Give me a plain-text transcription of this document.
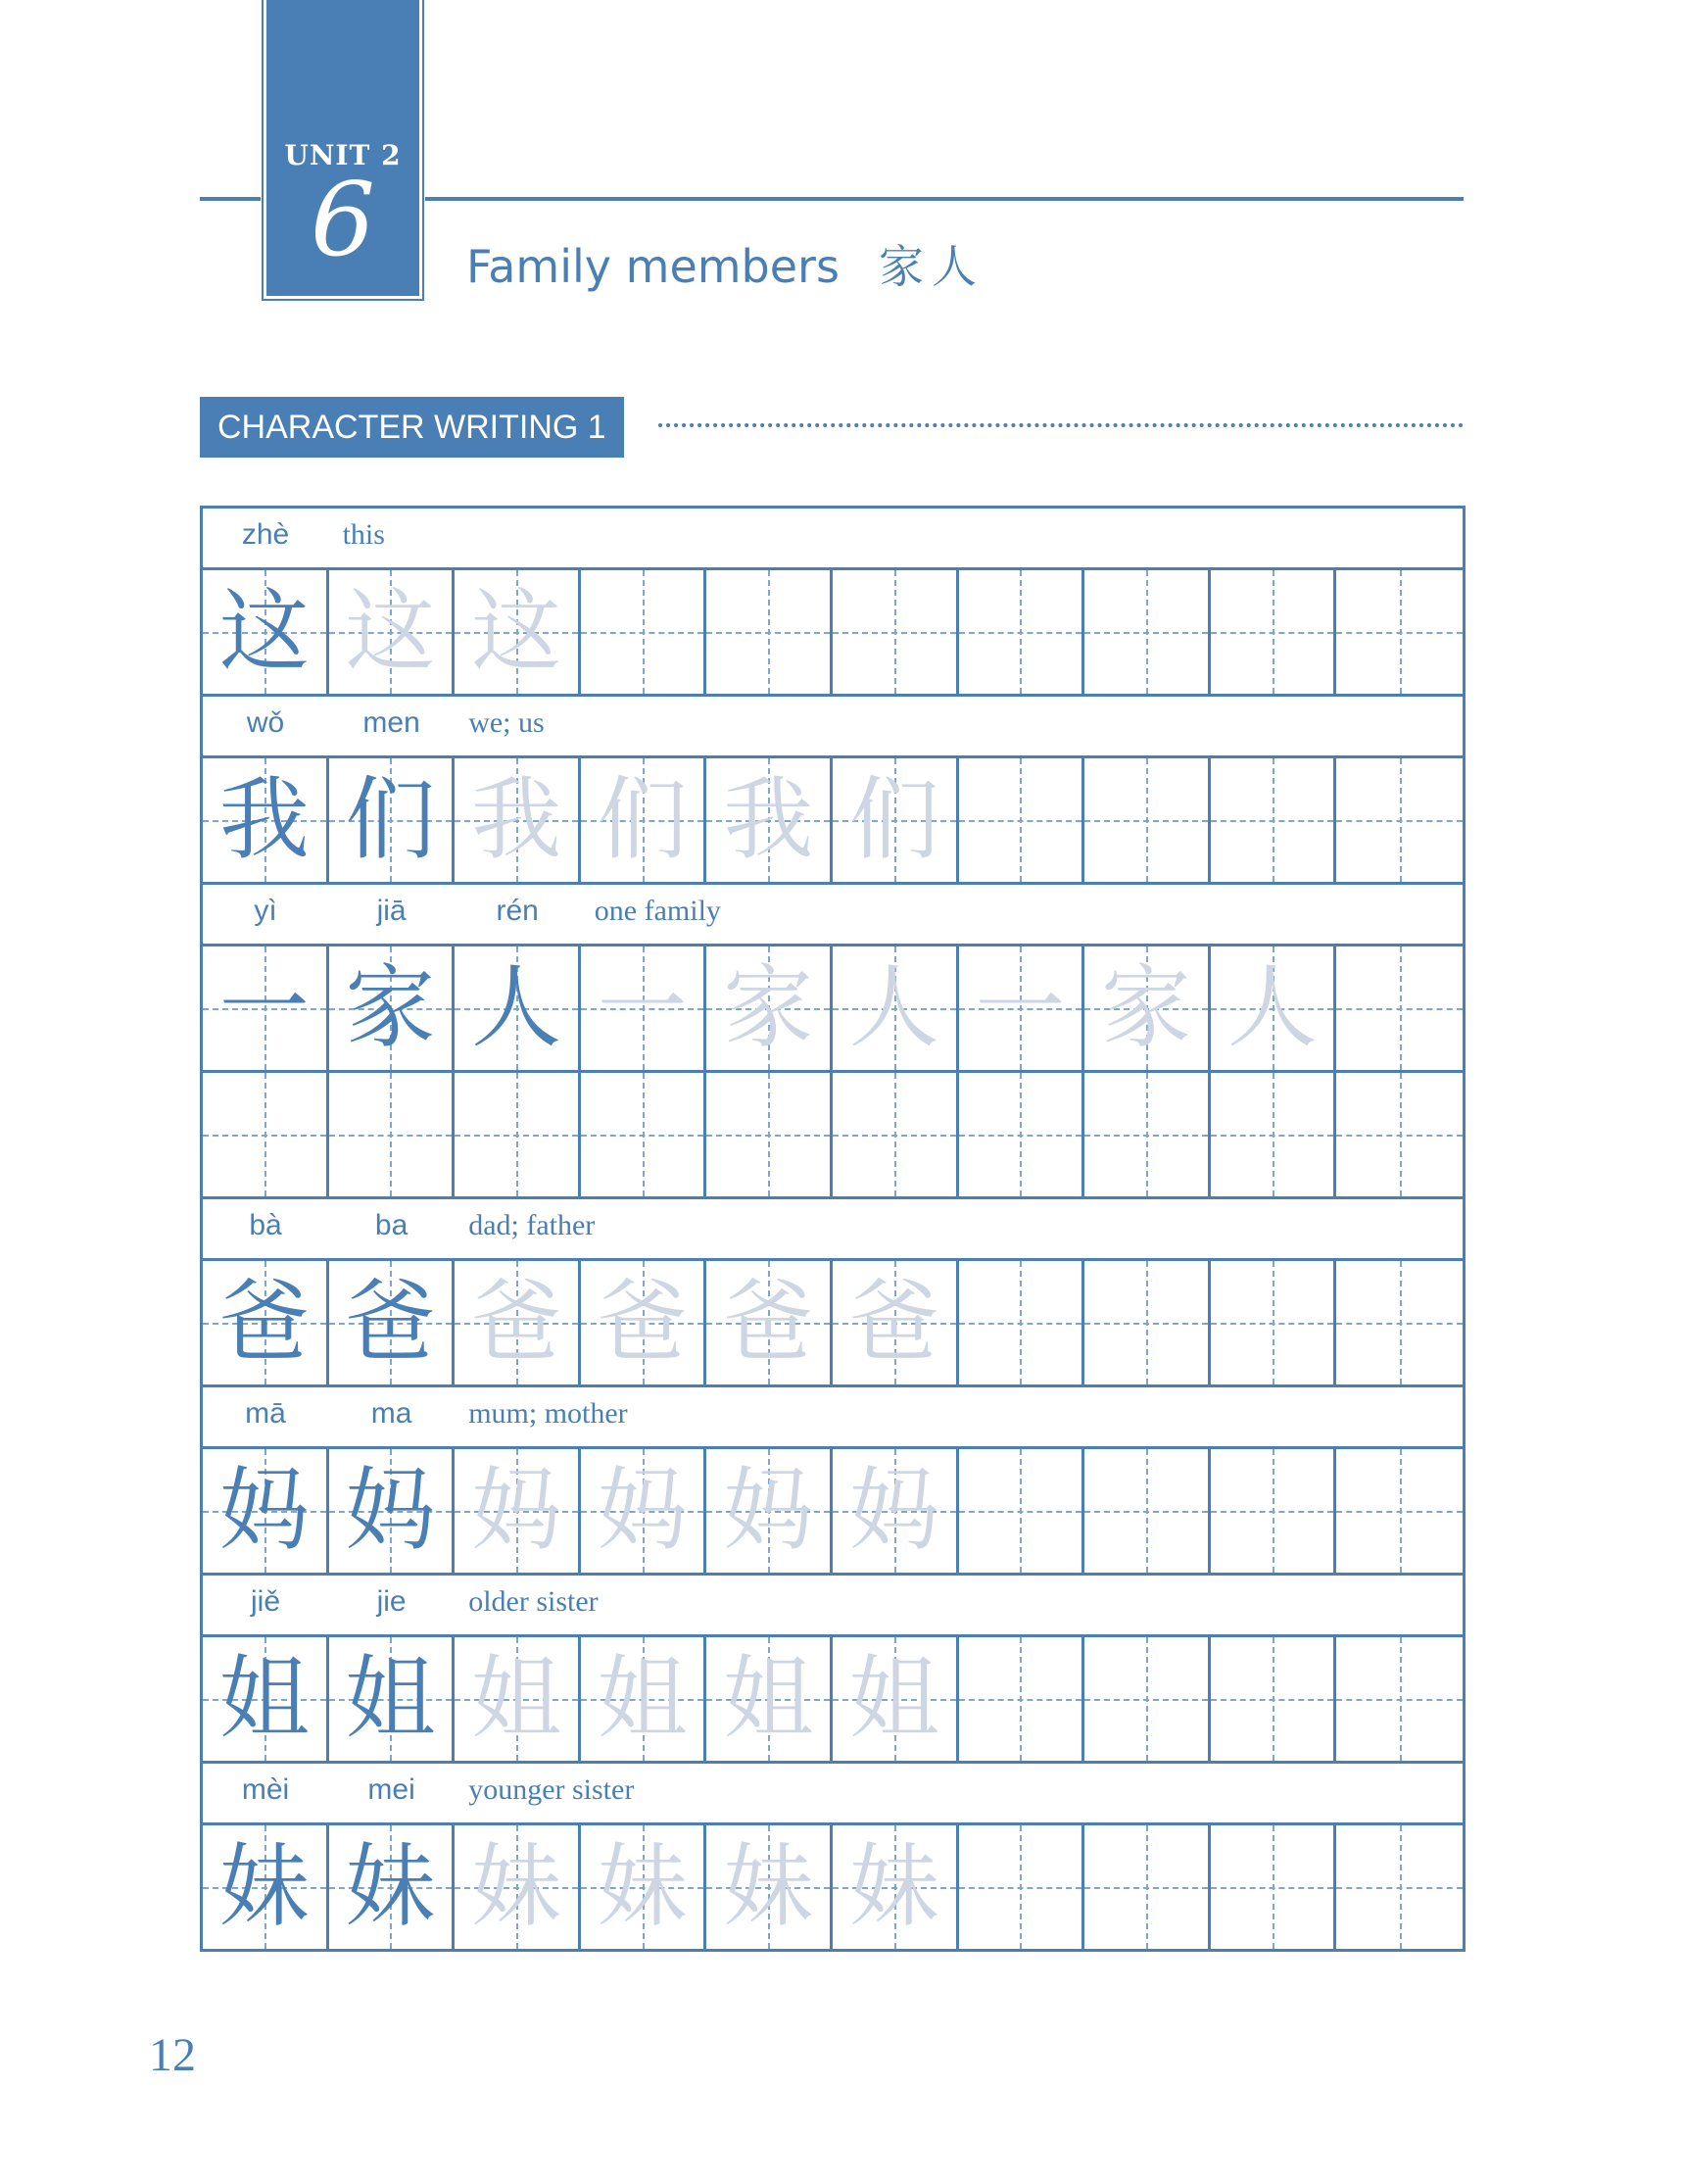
UNIT 2
6	Family members 家人
CHARACTER WRITING 1
zhè	this
这 这 这
wǒ	men	we; us
我 们 我 们 我 们
yì	jiā	rén	one family
一 家 人 一 家 人 一 家 人
bà	ba	dad; father
爸 爸 爸 爸 爸 爸
mā	ma	mum; mother
妈 妈 妈 妈 妈 妈
jiě	jie	older sister
姐 姐 姐 姐 姐 姐
mèi	mei	younger sister
妹 妹 妹 妹 妹 妹
12
